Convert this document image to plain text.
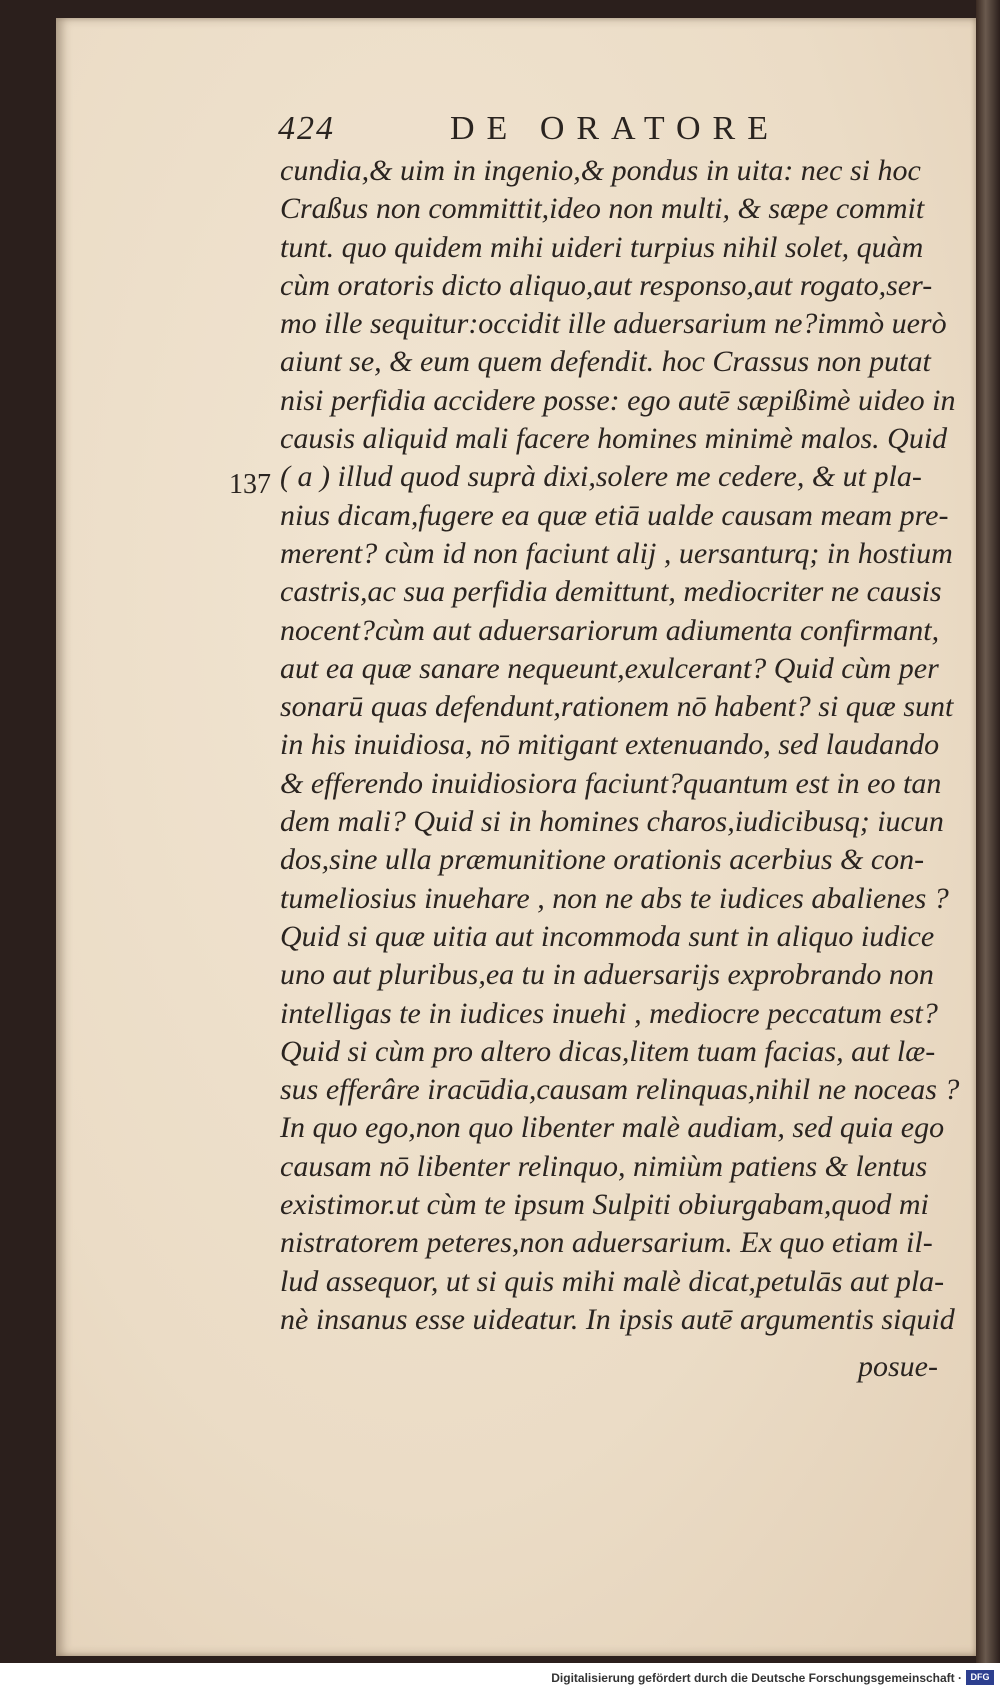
424	DE ORATORE
137
cundia,& uim in ingenio,& pondus in uita: nec si hoc
Craßus non committit,ideo non multi, & sæpe commit
tunt. quo quidem mihi uideri turpius nihil solet, quàm
cùm oratoris dicto aliquo,aut responso,aut rogato,ser-
mo ille sequitur:occidit ille aduersarium ne?immò uerò
aiunt se, & eum quem defendit. hoc Crassus non putat
nisi perfidia accidere posse: ego autē sæpißimè uideo in
causis aliquid mali facere homines minimè malos. Quid
( a ) illud quod suprà dixi,solere me cedere, & ut pla-
nius dicam,fugere ea quæ etiā ualde causam meam pre-
merent? cùm id non faciunt alij , uersanturq; in hostium
castris,ac sua perfidia demittunt, mediocriter ne causis
nocent?cùm aut aduersariorum adiumenta confirmant,
aut ea quæ sanare nequeunt,exulcerant? Quid cùm per
sonarū quas defendunt,rationem nō habent? si quæ sunt
in his inuidiosa, nō mitigant extenuando, sed laudando
& efferendo inuidiosiora faciunt?quantum est in eo tan
dem mali? Quid si in homines charos,iudicibusq; iucun
dos,sine ulla præmunitione orationis acerbius & con-
tumeliosius inuehare , non ne abs te iudices abalienes ?
Quid si quæ uitia aut incommoda sunt in aliquo iudice
uno aut pluribus,ea tu in aduersarijs exprobrando non
intelligas te in iudices inuehi , mediocre peccatum est?
Quid si cùm pro altero dicas,litem tuam facias, aut læ-
sus efferâre iracūdia,causam relinquas,nihil ne noceas ?
In quo ego,non quo libenter malè audiam, sed quia ego
causam nō libenter relinquo, nimiùm patiens & lentus
existimor.ut cùm te ipsum Sulpiti obiurgabam,quod mi
nistratorem peteres,non aduersarium. Ex quo etiam il-
lud assequor, ut si quis mihi malè dicat,petulās aut pla-
nè insanus esse uideatur. In ipsis autē argumentis siquid
posue-
Digitalisierung gefördert durch die Deutsche Forschungsgemeinschaft · DFG
